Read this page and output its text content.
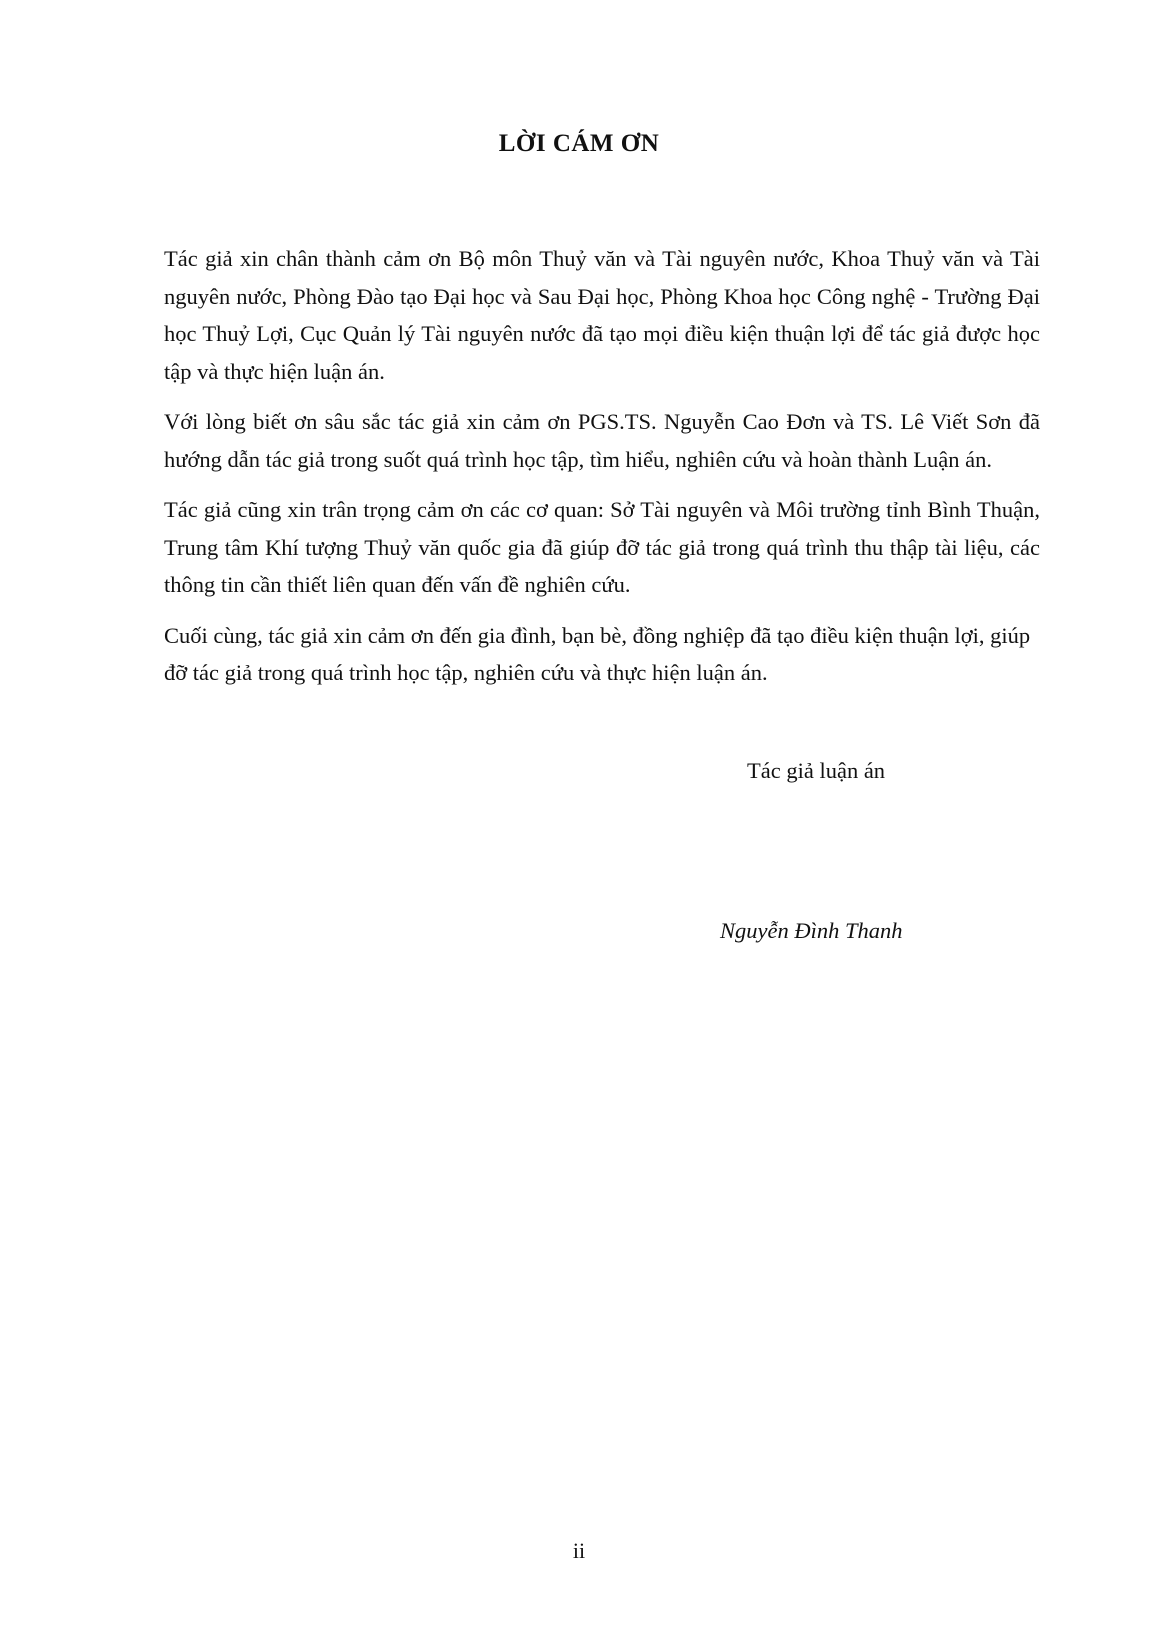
LỜI CÁM ƠN

Tác giả xin chân thành cảm ơn Bộ môn Thuỷ văn và Tài nguyên nước, Khoa Thuỷ văn và Tài nguyên nước, Phòng Đào tạo Đại học và Sau Đại học, Phòng Khoa học Công nghệ - Trường Đại học Thuỷ Lợi, Cục Quản lý Tài nguyên nước đã tạo mọi điều kiện thuận lợi để tác giả được học tập và thực hiện luận án.

Với lòng biết ơn sâu sắc tác giả xin cảm ơn PGS.TS. Nguyễn Cao Đơn và TS. Lê Viết Sơn đã hướng dẫn tác giả trong suốt quá trình học tập, tìm hiểu, nghiên cứu và hoàn thành Luận án.

Tác giả cũng xin trân trọng cảm ơn các cơ quan: Sở Tài nguyên và Môi trường tỉnh Bình Thuận, Trung tâm Khí tượng Thuỷ văn quốc gia đã giúp đỡ tác giả trong quá trình thu thập tài liệu, các thông tin cần thiết liên quan đến vấn đề nghiên cứu.

Cuối cùng, tác giả xin cảm ơn đến gia đình, bạn bè, đồng nghiệp đã tạo điều kiện thuận lợi, giúp đỡ tác giả trong quá trình học tập, nghiên cứu và thực hiện luận án.

Tác giả luận án

Nguyễn Đình Thanh

ii
